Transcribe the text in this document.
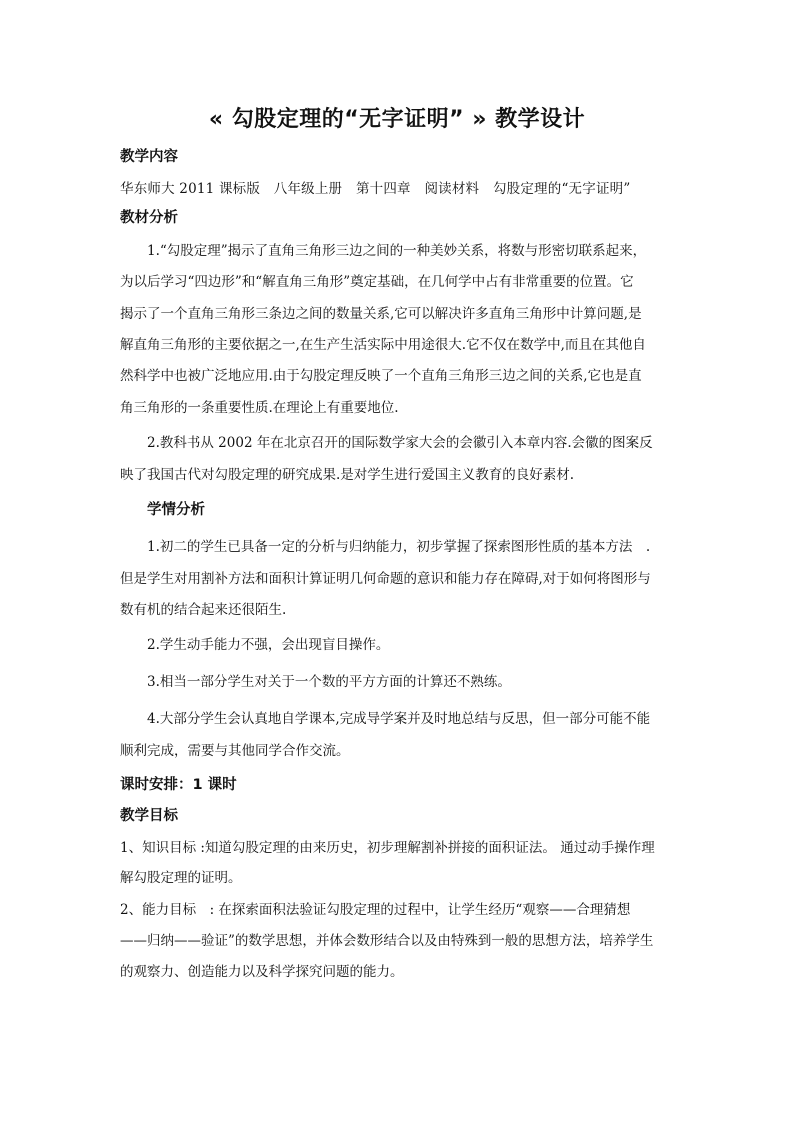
« 勾股定理的“无字证明” » 教学设计
教学内容
华东师大 2011 课标版　八年级上册　第十四章　阅读材料　勾股定理的“无字证明”
教材分析
1.“勾股定理”揭示了直角三角形三边之间的一种美妙关系，将数与形密切联系起来，
为以后学习“四边形”和“解直角三角形”奠定基础，在几何学中占有非常重要的位置。它
揭示了一个直角三角形三条边之间的数量关系,它可以解决许多直角三角形中计算问题,是
解直角三角形的主要依据之一,在生产生活实际中用途很大.它不仅在数学中,而且在其他自
然科学中也被广泛地应用.由于勾股定理反映了一个直角三角形三边之间的关系,它也是直
角三角形的一条重要性质.在理论上有重要地位.
2.教科书从 2002 年在北京召开的国际数学家大会的会徽引入本章内容.会徽的图案反
映了我国古代对勾股定理的研究成果.是对学生进行爱国主义教育的良好素材.
学情分析
1.初二的学生已具备一定的分析与归纳能力，初步掌握了探索图形性质的基本方法　.
但是学生对用割补方法和面积计算证明几何命题的意识和能力存在障碍,对于如何将图形与
数有机的结合起来还很陌生.
2.学生动手能力不强，会出现盲目操作。
3.相当一部分学生对关于一个数的平方方面的计算还不熟练。
4.大部分学生会认真地自学课本,完成导学案并及时地总结与反思，但一部分可能不能
顺利完成，需要与其他同学合作交流。
课时安排：1 课时
教学目标
1、知识目标 :知道勾股定理的由来历史，初步理解割补拼接的面积证法。 通过动手操作理
解勾股定理的证明。
2、能力目标　: 在探索面积法验证勾股定理的过程中，让学生经历“观察——合理猜想
——归纳——验证”的数学思想，并体会数形结合以及由特殊到一般的思想方法，培养学生
的观察力、创造能力以及科学探究问题的能力。
